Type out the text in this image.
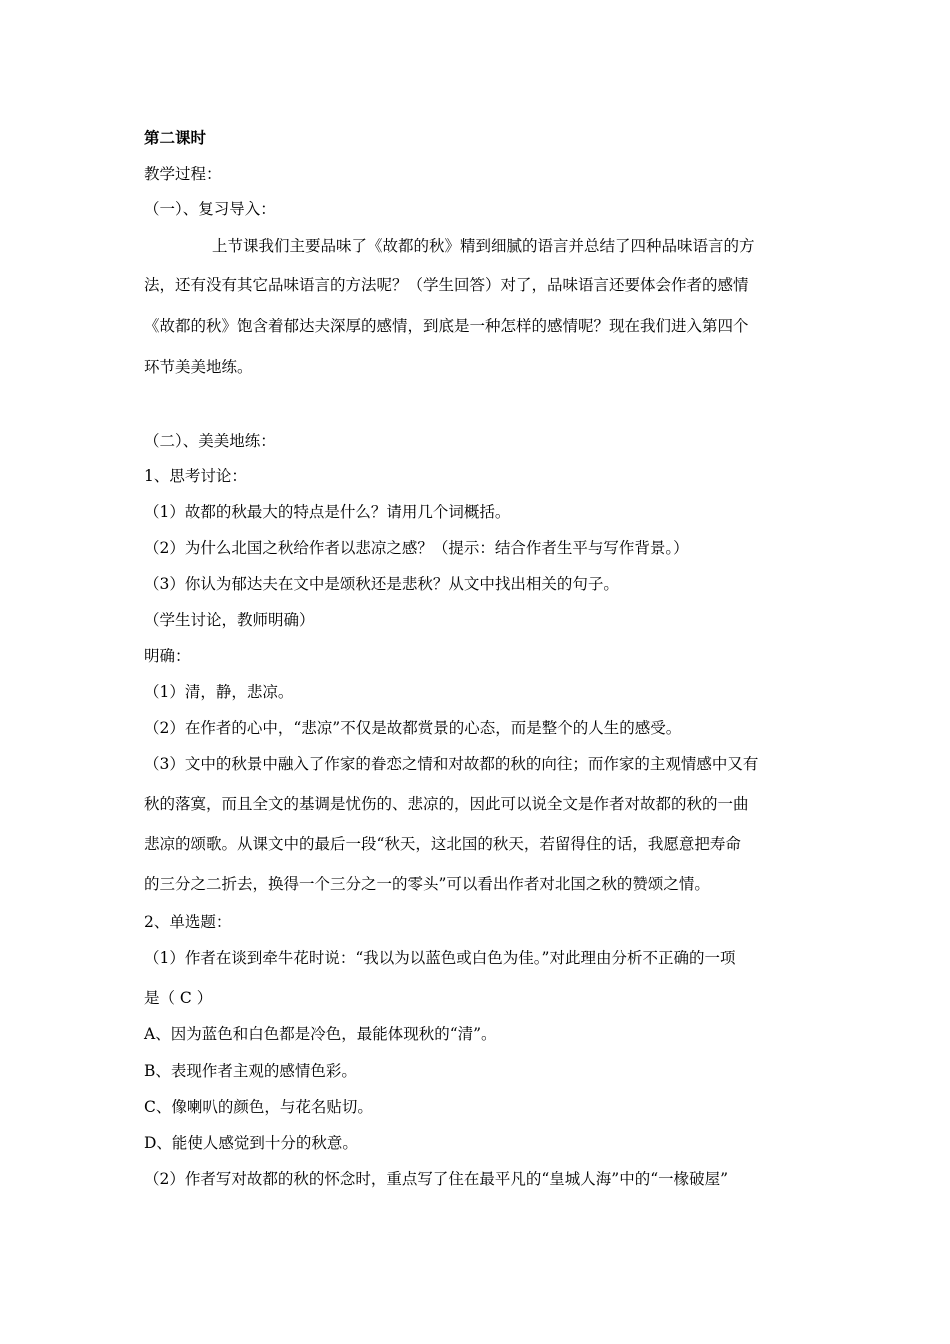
第二课时
教学过程：
（一）、复习导入：
上节课我们主要品味了《故都的秋》精到细腻的语言并总结了四种品味语言的方
法，还有没有其它品味语言的方法呢？（学生回答）对了，品味语言还要体会作者的感情
《故都的秋》饱含着郁达夫深厚的感情，到底是一种怎样的感情呢？现在我们进入第四个
环节美美地练。
（二）、美美地练：
1、思考讨论：
（1）故都的秋最大的特点是什么？请用几个词概括。
（2）为什么北国之秋给作者以悲凉之感？（提示：结合作者生平与写作背景。）
（3）你认为郁达夫在文中是颂秋还是悲秋？从文中找出相关的句子。
（学生讨论，教师明确）
明确：
（1）清，静，悲凉。
（2）在作者的心中，“悲凉”不仅是故都赏景的心态，而是整个的人生的感受。
（3）文中的秋景中融入了作家的眷恋之情和对故都的秋的向往；而作家的主观情感中又有
秋的落寞，而且全文的基调是忧伤的、悲凉的，因此可以说全文是作者对故都的秋的一曲
悲凉的颂歌。从课文中的最后一段“秋天，这北国的秋天，若留得住的话，我愿意把寿命
的三分之二折去，换得一个三分之一的零头”可以看出作者对北国之秋的赞颂之情。
2、单选题：
（1）作者在谈到牵牛花时说：“我以为以蓝色或白色为佳。”对此理由分析不正确的一项
是（ C ）
A、因为蓝色和白色都是冷色，最能体现秋的“清”。
B、表现作者主观的感情色彩。
C、像喇叭的颜色，与花名贴切。
D、能使人感觉到十分的秋意。
（2）作者写对故都的秋的怀念时，重点写了住在最平凡的“皇城人海”中的“一椽破屋”
